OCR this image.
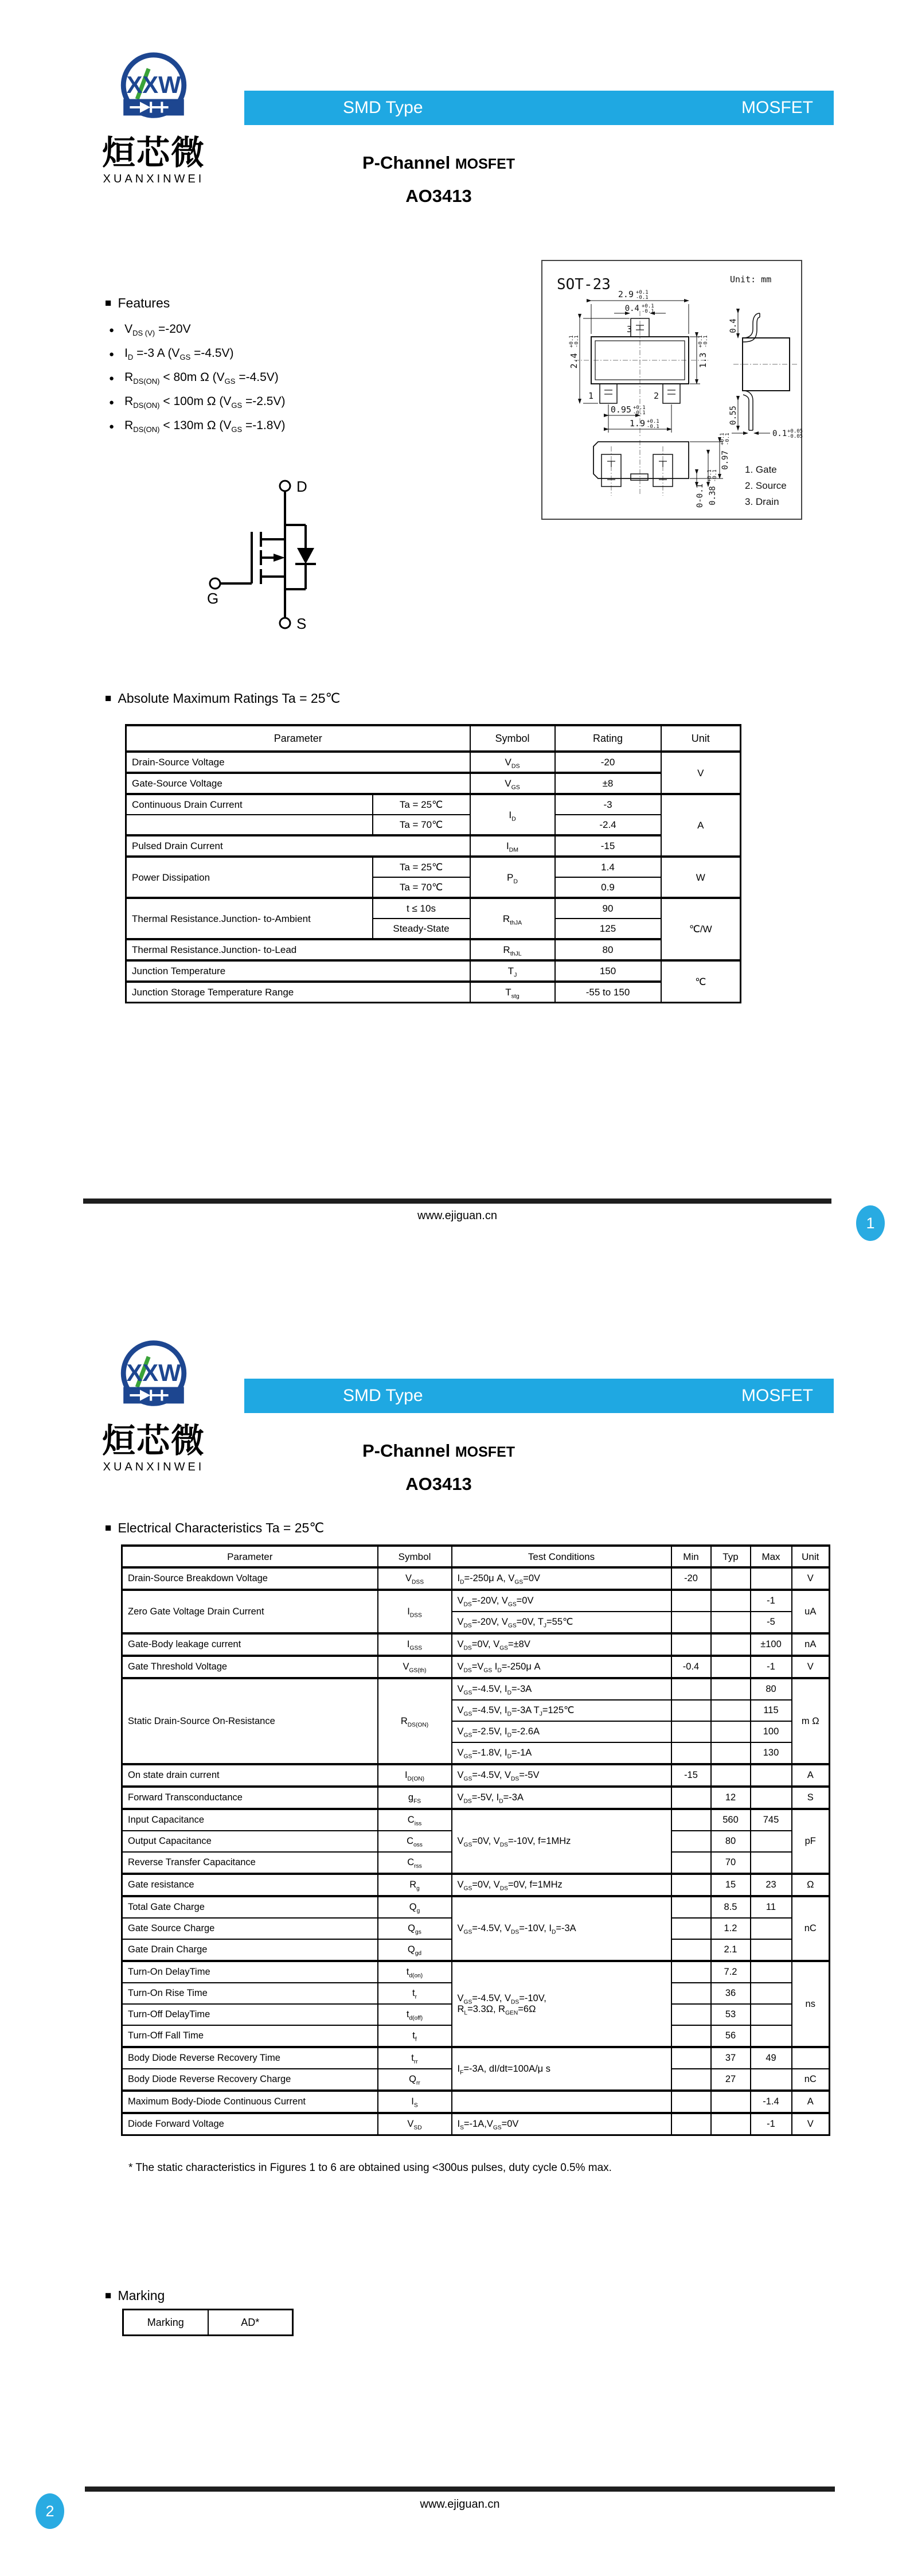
XXW
烜芯微
XUANXINWEI
SMD Type	MOSFET
P-Channel MOSFET
AO3413
■ Features
● $V_{DS (V)} =-20V$
● $I_D =-3$ A $(V_{GS} =-4.5V)$
● $R_{DS(ON)} < 80m$ Ω $(V_{GS} =-4.5V)$
● $R_{DS(ON)} < 100m$ Ω $(V_{GS} =-2.5V)$
● $R_{DS(ON)} < 130m$ Ω $(V_{GS} =-1.8V)$
SOT-23	Unit: mm
3
1	2
2.9 +0.1
-0.1
0.4 +0.1
-0.1
2.4
+0.1 -0.1
1.3
+0.1 -0.1
0.95 +0.1
-0.1
1.9 +0.1
-0.1
0.4
0.55
0.1 +0.05
-0.05
0.97
+0.1 -0.1
0.38
+0.1 -0.1
0-0.1
1. Gate
2. Source
3. Drain
D
S
G
■ Absolute Maximum Ratings Ta = 25℃
Parameter		Symbol	Rating	Unit
Drain-Source Voltage		$V_{DS}$	-20	V
Gate-Source Voltage		$V_{GS}$	±8	
Continuous Drain Current	Ta = 25℃	$I_D$	-3	A
	Ta = 70℃		-2.4	
Pulsed Drain Current		$I_{DM}$	-15	
Power Dissipation	Ta = 25℃	$P_D$	1.4	W
	Ta = 70℃		0.9	
Thermal Resistance.Junction- to-Ambient	t ≤ 10s	$R_{thJA}$	90	℃/W
	Steady-State		125	
Thermal Resistance.Junction- to-Lead		$R_{thJL}$	80	
Junction Temperature		$T_J$	150	℃
Junction Storage Temperature Range		$T_{stg}$	-55 to 150	
www.ejiguan.cn	1
XXW
烜芯微
XUANXINWEI
SMD Type	MOSFET
P-Channel MOSFET
AO3413
■ Electrical Characteristics Ta = 25℃
Parameter	Symbol	Test Conditions	Min	Typ	Max	Unit
Drain-Source Breakdown Voltage	$V_{DSS}$	$I_D=-250\mu$ A, $V_{GS}=0V$	-20			V
Zero Gate Voltage Drain Current	$I_{DSS}$	$V_{DS}=-20V$, $V_{GS}=0V$			-1	uA
		$V_{DS}=-20V$, $V_{GS}=0V$, $T_J=55℃$			-5	
Gate-Body leakage current	$I_{GSS}$	$V_{DS}=0V$, $V_{GS}=\pm 8V$			±100	nA
Gate Threshold Voltage	$V_{GS(th)}$	$V_{DS}=V_{GS}$ $I_D=-250\mu$ A	-0.4		-1	V
Static Drain-Source On-Resistance	$R_{DS(ON)}$	$V_{GS}=-4.5V$, $I_D=-3A$			80	m Ω
		$V_{GS}=-4.5V$, $I_D=-3A$ $T_J=125℃$			115	
		$V_{GS}=-2.5V$, $I_D=-2.6A$			100	
		$V_{GS}=-1.8V$, $I_D=-1A$			130	
On state drain current	$I_{D(ON)}$	$V_{GS}=-4.5V$, $V_{DS}=-5V$	-15			A
Forward Transconductance	$g_{FS}$	$V_{DS}=-5V$, $I_D=-3A$		12		S
Input Capacitance	$C_{iss}$	$V_{GS}=0V$, $V_{DS}=-10V$, f=1MHz		560	745	pF
Output Capacitance	$C_{oss}$			80		
Reverse Transfer Capacitance	$C_{rss}$			70		
Gate resistance	$R_g$	$V_{GS}=0V$, $V_{DS}=0V$, f=1MHz		15	23	Ω
Total Gate Charge	$Q_g$	$V_{GS}=-4.5V$, $V_{DS}=-10V$, $I_D=-3A$		8.5	11	nC
Gate Source Charge	$Q_{gs}$			1.2		
Gate Drain Charge	$Q_{gd}$			2.1		
Turn-On DelayTime	$t_{d(on)}$	$V_{GS}=-4.5V$, $V_{DS}=-10V$,
$R_L=3.3\Omega$, $R_{GEN}=6\Omega$		7.2		ns
Turn-On Rise Time	$t_r$			36		
Turn-Off DelayTime	$t_{d(off)}$			53		
Turn-Off Fall Time	$t_f$			56		
Body Diode Reverse Recovery Time	$t_{rr}$	$I_F=-3A$, dI/dt=100A/μ s		37	49	
Body Diode Reverse Recovery Charge	$Q_{rr}$			27		nC
Maximum Body-Diode Continuous Current	$I_S$				-1.4	A
Diode Forward Voltage	$V_{SD}$	$I_S=-1A,V_{GS}=0V$			-1	V
* The static characteristics in Figures 1 to 6 are obtained using <300us pulses, duty cycle 0.5% max.
■ Marking
Marking	AD*
www.ejiguan.cn
2
